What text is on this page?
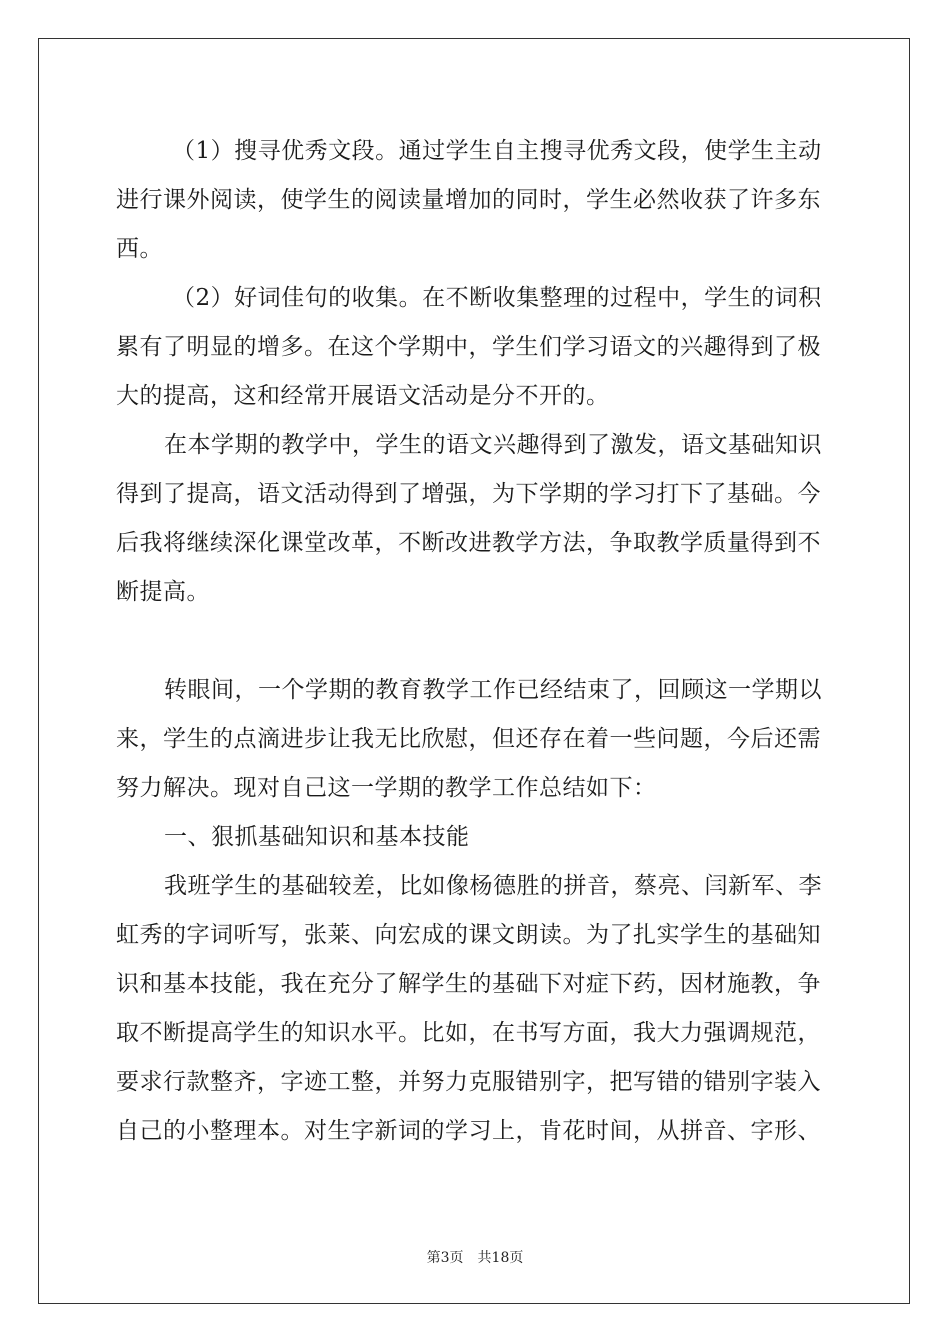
（1）搜寻优秀文段。通过学生自主搜寻优秀文段，使学生主动
进行课外阅读，使学生的阅读量增加的同时，学生必然收获了许多东
西。
（2）好词佳句的收集。在不断收集整理的过程中，学生的词积
累有了明显的增多。在这个学期中，学生们学习语文的兴趣得到了极
大的提高，这和经常开展语文活动是分不开的。
在本学期的教学中，学生的语文兴趣得到了激发，语文基础知识
得到了提高，语文活动得到了增强，为下学期的学习打下了基础。今
后我将继续深化课堂改革，不断改进教学方法，争取教学质量得到不
断提高。
转眼间，一个学期的教育教学工作已经结束了，回顾这一学期以
来，学生的点滴进步让我无比欣慰，但还存在着一些问题，今后还需
努力解决。现对自己这一学期的教学工作总结如下：
一、狠抓基础知识和基本技能
我班学生的基础较差，比如像杨德胜的拼音，蔡亮、闫新军、李
虹秀的字词听写，张莱、向宏成的课文朗读。为了扎实学生的基础知
识和基本技能，我在充分了解学生的基础下对症下药，因材施教，争
取不断提高学生的知识水平。比如，在书写方面，我大力强调规范，
要求行款整齐，字迹工整，并努力克服错别字，把写错的错别字装入
自己的小整理本。对生字新词的学习上，肯花时间，从拼音、字形、
第3页　共18页
